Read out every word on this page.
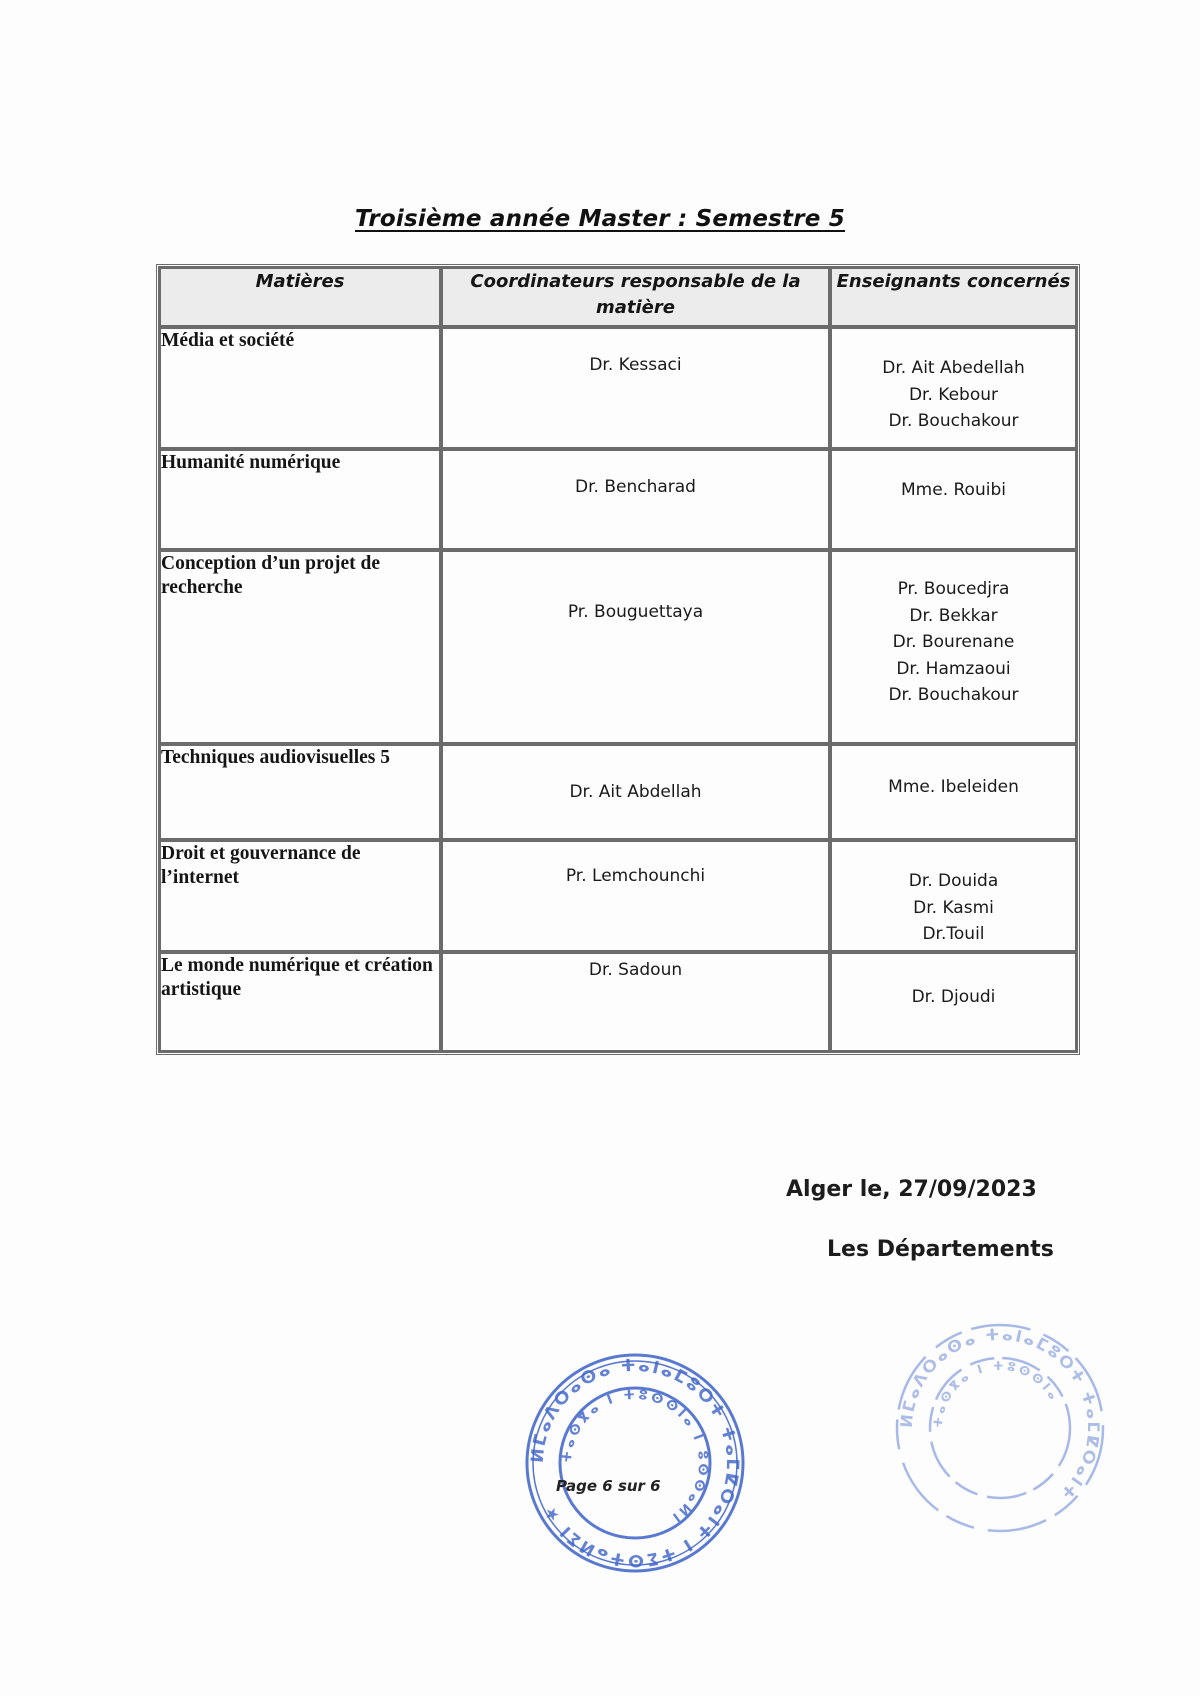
Troisième année Master : Semestre 5
Matières	Coordinateurs responsable de la matière	Enseignants concernés
Média et société	Dr. Kessaci	Dr. Ait Abedellah
Dr. Kebour
Dr. Bouchakour

Humanité numérique	Dr. Bencharad	Mme. Rouibi

Conception d’un projet de recherche	Pr. Bouguettaya	Pr. Boucedjra
Dr. Bekkar
Dr. Bourenane
Dr. Hamzaoui
Dr. Bouchakour

Techniques audiovisuelles 5	Dr. Ait Abdellah	Mme. Ibeleiden

Droit et gouvernance de l’internet	Pr. Lemchounchi	Dr. Douida
Dr. Kasmi
Dr.Touil

Le monde numérique et création artistique	Dr. Sadoun	Dr. Djoudi
Alger le, 27/09/2023
Les Départements
ⵍⵎⴰⴷⵔⴰⵙⴰ ⵜⴰⵏⴰⵎⵓⵔⵜ ⵜⴰⵎⵇⵔⴰⵏⵜ ⵏ ⵜⵉⵙⵜⴰⵍⵉⵏ ★
ⵜⴰⵙⴳⴰ ⵏ ⵜⵓⵙⵙⵏⴰ ⵏ ⵓⵙⵙⴰⵍⵏ
ⵍⵎⴰⴷⵔⴰⵙⴰ ⵜⴰⵏⴰⵎⵓⵔⵜ ⵜⴰⵎⵇⵔⴰⵏⵜ
ⵜⴰⵙⴳⴰ ⵏ ⵜⵓⵙⵙⵏⴰ
Page 6 sur 6
